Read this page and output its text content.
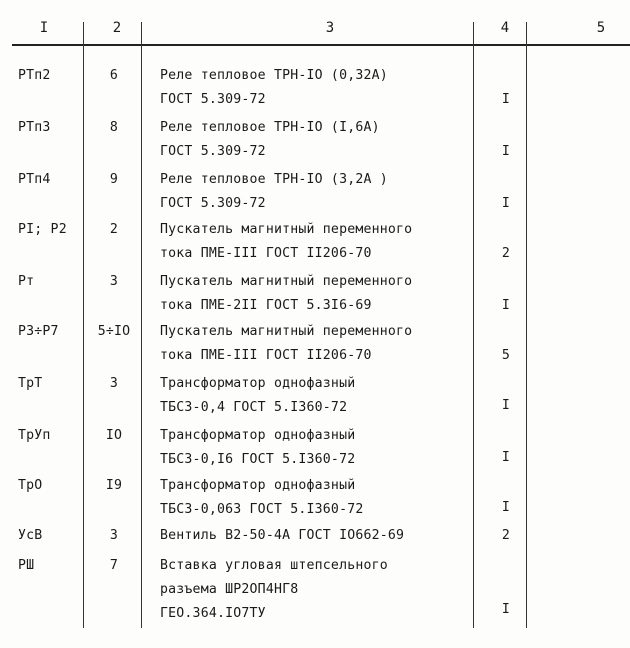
I	2	3	4	5
РТп2	6	Реле тепловое ТРН-IO (0,32A)
ГОСТ 5.309-72	I
РТп3	8	Реле тепловое ТРН-IO (I,6A)
ГОСТ 5.309-72	I
РТп4	9	Реле тепловое ТРН-IO (3,2A )
ГОСТ 5.309-72	I
PI; P2	2	Пускатель магнитный переменного
тока ПМЕ-III ГОСТ II206-70	2
Рт	3	Пускатель магнитный переменного
тока ПМЕ-2II ГОСТ 5.3I6-69	I
P3÷P7	5÷IO	Пускатель магнитный переменного
тока ПМЕ-III ГОСТ II206-70	5
ТрТ	3	Трансформатор однофазный
ТБС3-0,4 ГОСТ 5.I360-72	I
ТрУп	IO	Трансформатор однофазный
ТБС3-0,I6 ГОСТ 5.I360-72	I
ТрО	I9	Трансформатор однофазный
ТБС3-0,063 ГОСТ 5.I360-72	I
УсВ	3	Вентиль В2-50-4А ГОСТ IO662-69	2
РШ	7	Вставка угловая штепсельного
разъема ШР2ОП4НГ8
ГЕО.364.IO7ТУ	I
